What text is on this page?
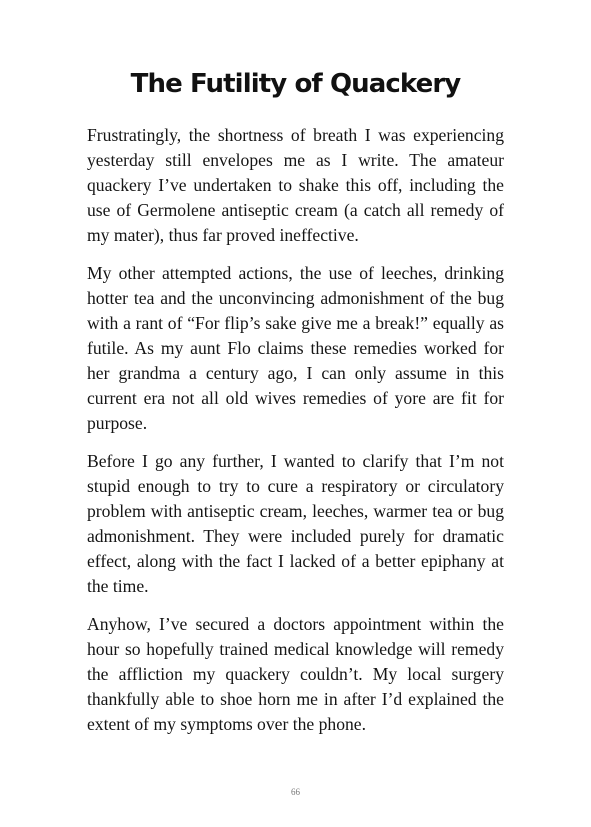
The Futility of Quackery

Frustratingly, the shortness of breath I was experiencing yesterday still envelopes me as I write. The amateur quackery I’ve undertaken to shake this off, including the use of Germolene antiseptic cream (a catch all remedy of my mater), thus far proved ineffective.

My other attempted actions, the use of leeches, drinking hotter tea and the unconvincing admonishment of the bug with a rant of “For flip’s sake give me a break!” equally as futile. As my aunt Flo claims these remedies worked for her grandma a century ago, I can only assume in this current era not all old wives remedies of yore are fit for purpose.

Before I go any further, I wanted to clarify that I’m not stupid enough to try to cure a respiratory or circulatory problem with antiseptic cream, leeches, warmer tea or bug admonishment. They were included purely for dramatic effect, along with the fact I lacked of a better epiphany at the time.

Anyhow, I’ve secured a doctors appointment within the hour so hopefully trained medical knowledge will remedy the affliction my quackery couldn’t. My local surgery thankfully able to shoe horn me in after I’d explained the extent of my symptoms over the phone.

66
